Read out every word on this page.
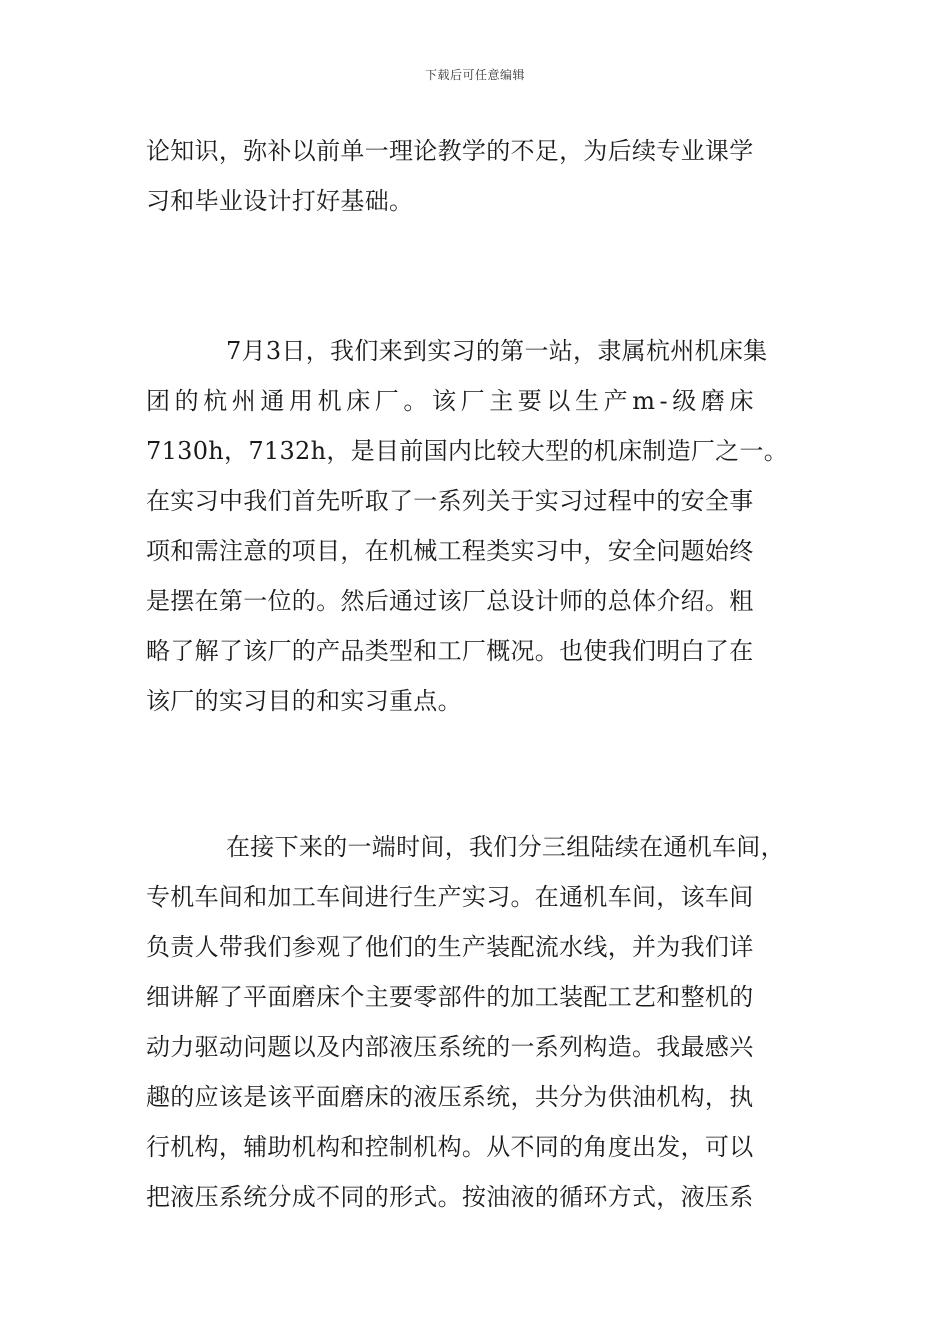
下载后可任意编辑
论知识，弥补以前单一理论教学的不足，为后续专业课学
习和毕业设计打好基础。
7月3日，我们来到实习的第一站，隶属杭州机床集
团的杭州通用机床厂。该厂主要以生产m-级磨床
7130h，7132h，是目前国内比较大型的机床制造厂之一。
在实习中我们首先听取了一系列关于实习过程中的安全事
项和需注意的项目，在机械工程类实习中，安全问题始终
是摆在第一位的。然后通过该厂总设计师的总体介绍。粗
略了解了该厂的产品类型和工厂概况。也使我们明白了在
该厂的实习目的和实习重点。
在接下来的一端时间，我们分三组陆续在通机车间，
专机车间和加工车间进行生产实习。在通机车间，该车间
负责人带我们参观了他们的生产装配流水线，并为我们详
细讲解了平面磨床个主要零部件的加工装配工艺和整机的
动力驱动问题以及内部液压系统的一系列构造。我最感兴
趣的应该是该平面磨床的液压系统，共分为供油机构，执
行机构，辅助机构和控制机构。从不同的角度出发，可以
把液压系统分成不同的形式。按油液的循环方式，液压系
